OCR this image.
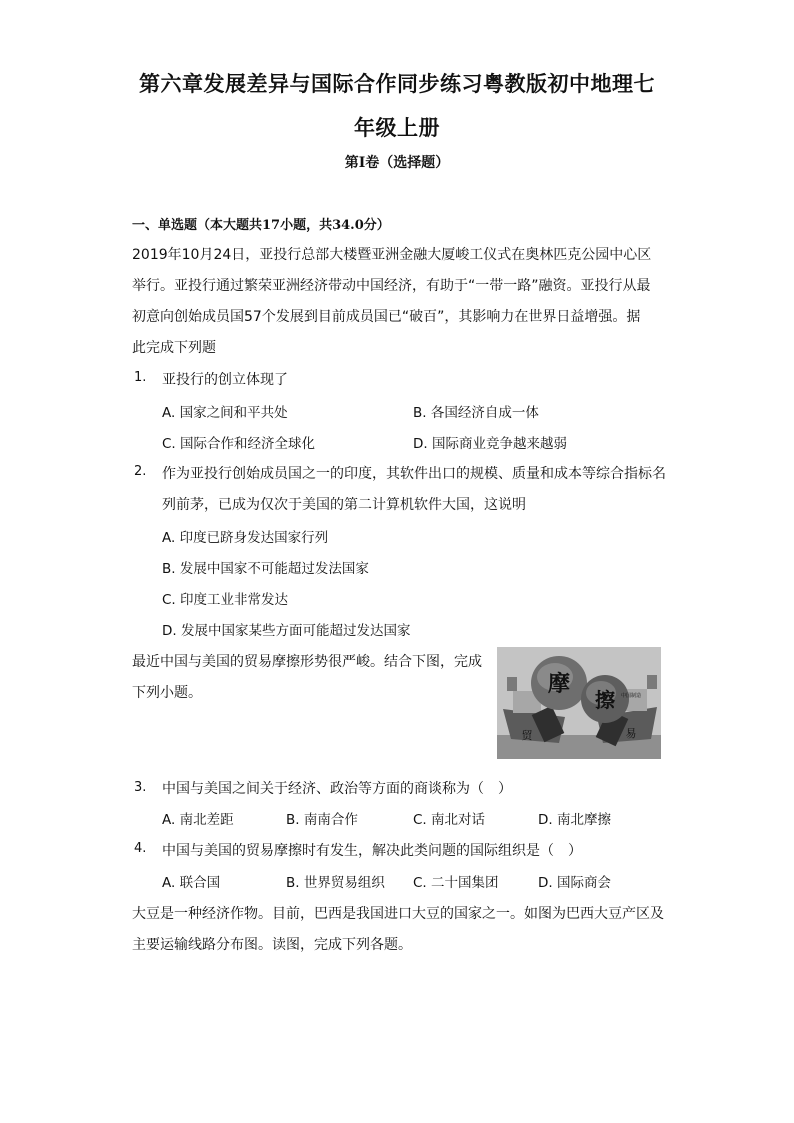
第六章发展差异与国际合作同步练习粤教版初中地理七
年级上册
第I卷（选择题）
一、单选题（本大题共17小题，共34.0分）
2019年10月24日，亚投行总部大楼暨亚洲金融大厦峻工仪式在奥林匹克公园中心区
举行。亚投行通过繁荣亚洲经济带动中国经济，有助于“一带一路”融资。亚投行从最
初意向创始成员国57个发展到目前成员国已“破百”，其影响力在世界日益增强。据
此完成下列题
1. 亚投行的创立体现了
A. 国家之间和平共处	B. 各国经济自成一体
C. 国际合作和经济全球化	D. 国际商业竞争越来越弱
2. 作为亚投行创始成员国之一的印度，其软件出口的规模、质量和成本等综合指标名
列前茅，已成为仅次于美国的第二计算机软件大国，这说明
A. 印度已跻身发达国家行列
B. 发展中国家不可能超过发法国家
C. 印度工业非常发达
D. 发展中国家某些方面可能超过发达国家
最近中国与美国的贸易摩擦形势很严峻。结合下图，完成
下列小题。	摩
擦
贸	易
中国制造
3. 中国与美国之间关于经济、政治等方面的商谈称为（　）
A. 南北差距	B. 南南合作	C. 南北对话	D. 南北摩擦
4. 中国与美国的贸易摩擦时有发生，解决此类问题的国际组织是（　）
A. 联合国	B. 世界贸易组织 C. 二十国集团	D. 国际商会
大豆是一种经济作物。目前，巴西是我国进口大豆的国家之一。如图为巴西大豆产区及
主要运输线路分布图。读图，完成下列各题。
